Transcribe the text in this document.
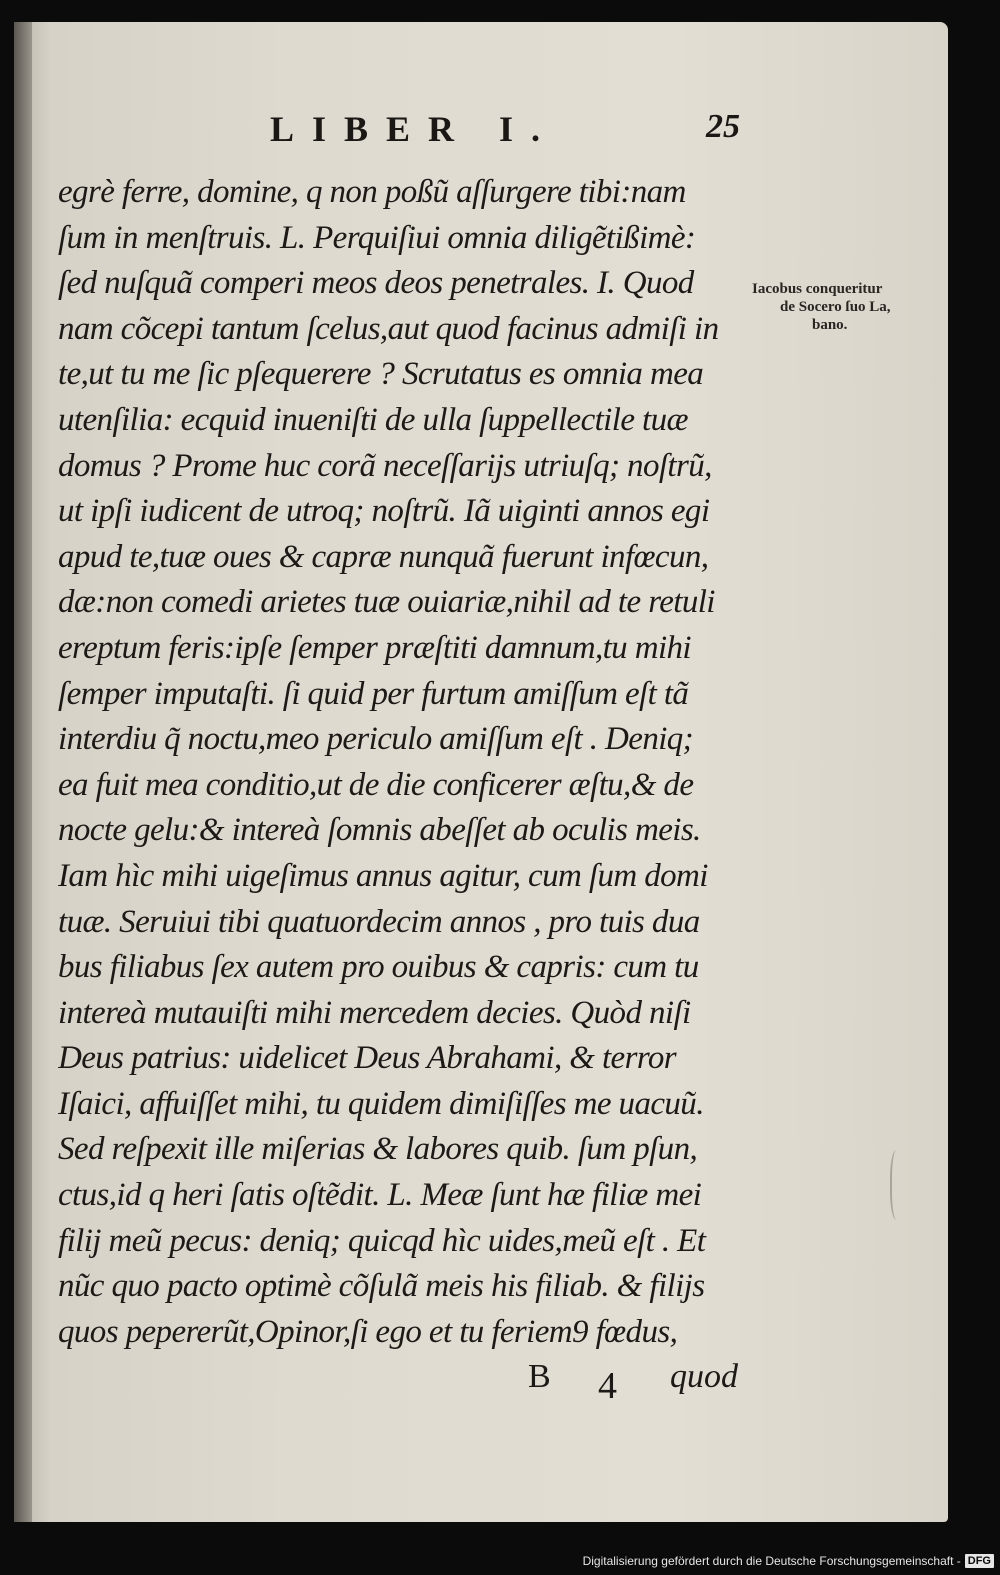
LIBER I.	25
egrè ferre, domine, q non poßũ aſſurgere tibi:nam
ſum in menſtruis. L. Perquiſiui omnia diligẽtißimè:
ſed nuſquã comperi meos deos penetrales. I. Quod
nam cõcepi tantum ſcelus,aut quod facinus admiſi in
te,ut tu me ſic pſequerere ? Scrutatus es omnia mea
utenſilia: ecquid inueniſti de ulla ſuppellectile tuæ
domus ? Prome huc corã neceſſarijs utriuſq; noſtrũ,
ut ipſi iudicent de utroq; noſtrũ. Iã uiginti annos egi
apud te,tuæ oues & capræ nunquã fuerunt infœcun,
dæ:non comedi arietes tuæ ouiariæ,nihil ad te retuli
ereptum feris:ipſe ſemper præſtiti damnum,tu mihi
ſemper imputaſti. ſi quid per furtum amiſſum eſt tã
interdiu q̃ noctu,meo periculo amiſſum eſt . Deniq;
ea fuit mea conditio,ut de die conficerer æſtu,& de
nocte gelu:& intereà ſomnis abeſſet ab oculis meis.
Iam hìc mihi uigeſimus annus agitur, cum ſum domi
tuæ. Seruiui tibi quatuordecim annos , pro tuis dua
bus filiabus ſex autem pro ouibus & capris: cum tu
intereà mutauiſti mihi mercedem decies. Quòd niſi
Deus patrius: uidelicet Deus Abrahami, & terror
Iſaici, affuiſſet mihi, tu quidem dimiſiſſes me uacuũ.
Sed reſpexit ille miſerias & labores quib. ſum pſun,
ctus,id q heri ſatis oſtẽdit. L. Meæ ſunt hæ filiæ mei
filij meũ pecus: deniq; quicqd hìc uides,meũ eſt . Et
nũc quo pacto optimè cõſulã meis his filiab. & filijs
quos pepererũt,Opinor,ſi ego et tu feriem9 fœdus,
Iacobus conqueritur
de Socero ſuo La,
bano.
B 4 quod
Digitalisierung gefördert durch die Deutsche Forschungsgemeinschaft - DFG
